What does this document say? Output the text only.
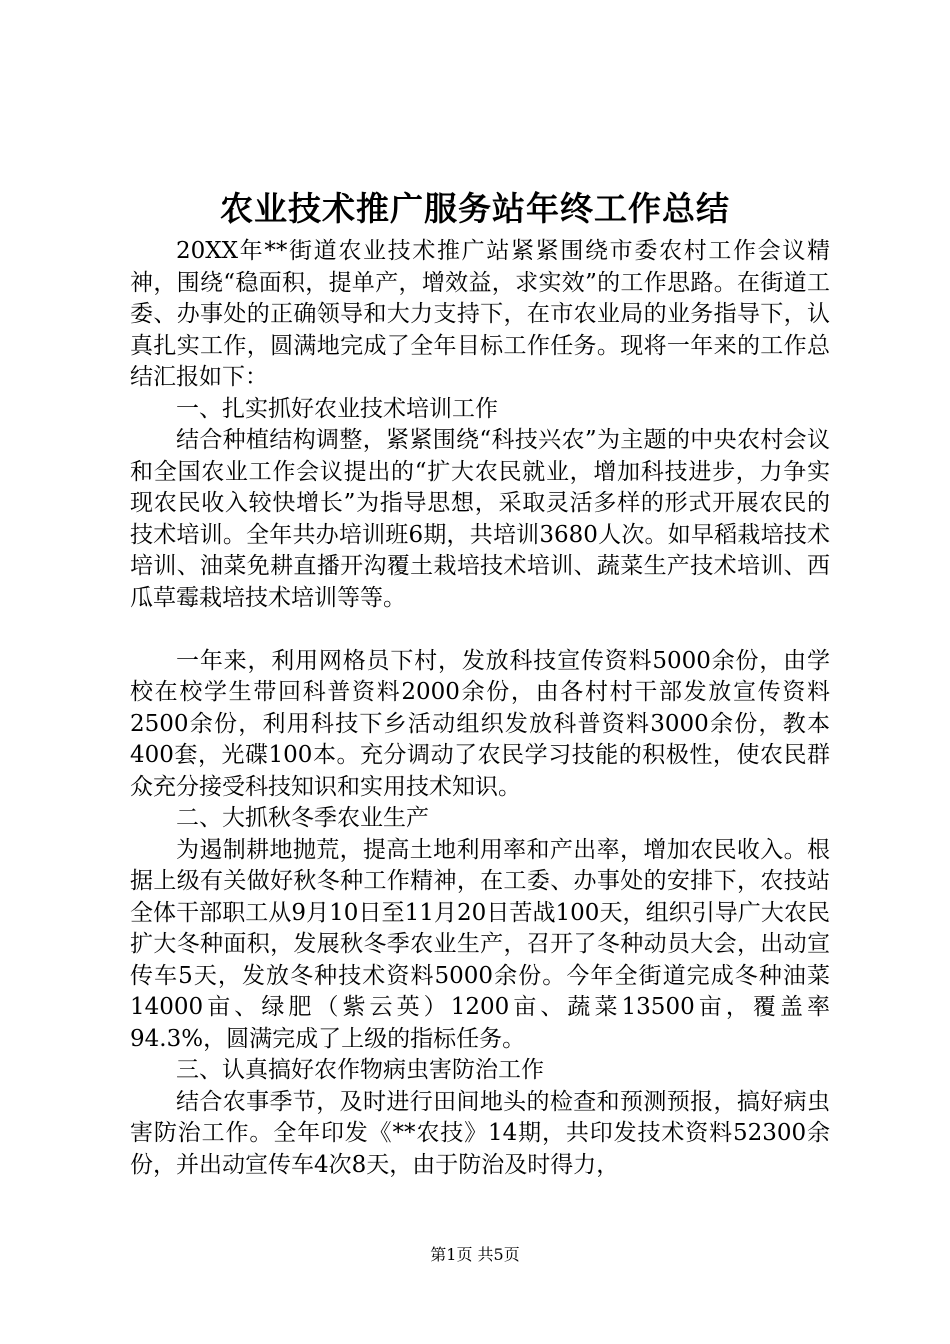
农业技术推广服务站年终工作总结

20XX年**街道农业技术推广站紧紧围绕市委农村工作会议精神，围绕“稳面积，提单产，增效益，求实效”的工作思路。在街道工委、办事处的正确领导和大力支持下，在市农业局的业务指导下，认真扎实工作，圆满地完成了全年目标工作任务。现将一年来的工作总结汇报如下：

一、扎实抓好农业技术培训工作

结合种植结构调整，紧紧围绕“科技兴农”为主题的中央农村会议和全国农业工作会议提出的“扩大农民就业，增加科技进步，力争实现农民收入较快增长”为指导思想，采取灵活多样的形式开展农民的技术培训。全年共办培训班6期，共培训3680人次。如早稻栽培技术培训、油菜免耕直播开沟覆土栽培技术培训、蔬菜生产技术培训、西瓜草霉栽培技术培训等等。

一年来，利用网格员下村，发放科技宣传资料5000余份，由学校在校学生带回科普资料2000余份，由各村村干部发放宣传资料2500余份，利用科技下乡活动组织发放科普资料3000余份，教本400套，光碟100本。充分调动了农民学习技能的积极性，使农民群众充分接受科技知识和实用技术知识。

二、大抓秋冬季农业生产

为遏制耕地抛荒，提高土地利用率和产出率，增加农民收入。根据上级有关做好秋冬种工作精神，在工委、办事处的安排下，农技站全体干部职工从9月10日至11月20日苦战100天，组织引导广大农民扩大冬种面积，发展秋冬季农业生产，召开了冬种动员大会，出动宣传车5天，发放冬种技术资料5000余份。今年全街道完成冬种油菜14000亩、绿肥（紫云英）1200亩、蔬菜13500亩，覆盖率94.3%，圆满完成了上级的指标任务。

三、认真搞好农作物病虫害防治工作

结合农事季节，及时进行田间地头的检查和预测预报，搞好病虫害防治工作。全年印发《**农技》14期，共印发技术资料52300余份，并出动宣传车4次8天，由于防治及时得力，

第1页 共5页
